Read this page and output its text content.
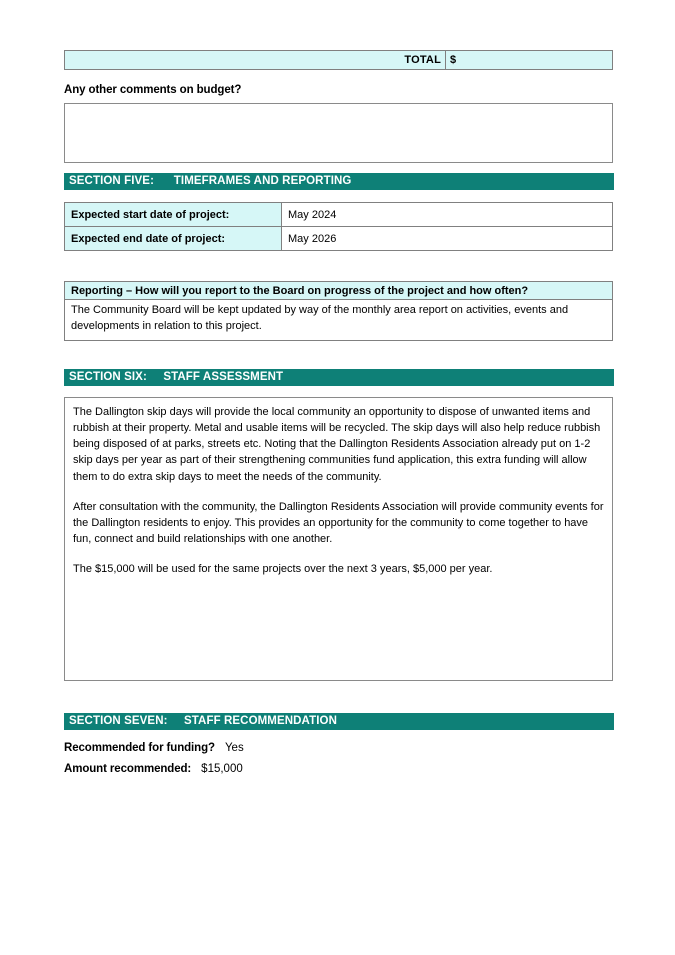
TOTAL	$
Any other comments on budget?
SECTION FIVE:      TIMEFRAMES AND REPORTING
Expected start date of project:	May 2024
Expected end date of project:	May 2026
Reporting – How will you report to the Board on progress of the project and how often?
The Community Board will be kept updated by way of the monthly area report on activities, events and developments in relation to this project.
SECTION SIX:     STAFF ASSESSMENT

The Dallington skip days will provide the local community an opportunity to dispose of unwanted items and rubbish at their property. Metal and usable items will be recycled. The skip days will also help reduce rubbish being disposed of at parks, streets etc. Noting that the Dallington Residents Association already put on 1-2 skip days per year as part of their strengthening communities fund application, this extra funding will allow them to do extra skip days to meet the needs of the community.

After consultation with the community, the Dallington Residents Association will provide community events for the Dallington residents to enjoy. This provides an opportunity for the community to come together to have fun, connect and build relationships with one another.

The $15,000 will be used for the same projects over the next 3 years, $5,000 per year.

SECTION SEVEN:     STAFF RECOMMENDATION
Recommended for funding? Yes
Amount recommended: $15,000
